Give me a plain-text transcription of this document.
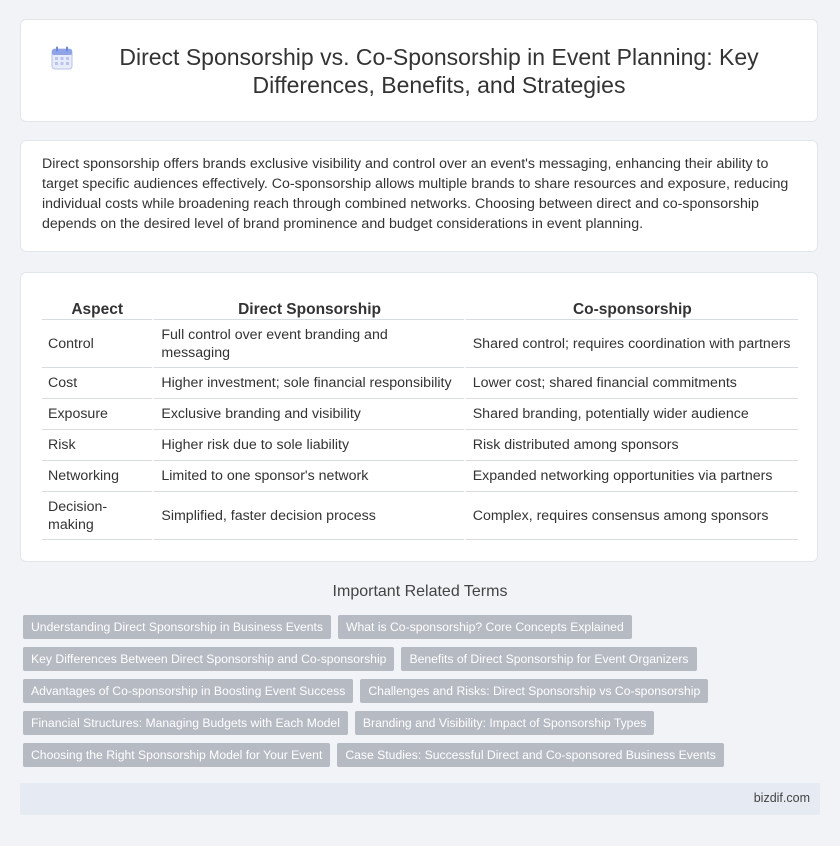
Direct Sponsorship vs. Co-Sponsorship in Event Planning: Key Differences, Benefits, and Strategies

Direct sponsorship offers brands exclusive visibility and control over an event's messaging, enhancing their ability to target specific audiences effectively. Co-sponsorship allows multiple brands to share resources and exposure, reducing individual costs while broadening reach through combined networks. Choosing between direct and co-sponsorship depends on the desired level of brand prominence and budget considerations in event planning.

Aspect	Direct Sponsorship	Co-sponsorship
Control	Full control over event branding and messaging	Shared control; requires coordination with partners
Cost	Higher investment; sole financial responsibility	Lower cost; shared financial commitments
Exposure	Exclusive branding and visibility	Shared branding, potentially wider audience
Risk	Higher risk due to sole liability	Risk distributed among sponsors
Networking	Limited to one sponsor's network	Expanded networking opportunities via partners
Decision-making	Simplified, faster decision process	Complex, requires consensus among sponsors
Important Related Terms
Understanding Direct Sponsorship in Business Events	What is Co-sponsorship? Core Concepts Explained
Key Differences Between Direct Sponsorship and Co-sponsorship	Benefits of Direct Sponsorship for Event Organizers
Advantages of Co-sponsorship in Boosting Event Success	Challenges and Risks: Direct Sponsorship vs Co-sponsorship
Financial Structures: Managing Budgets with Each Model	Branding and Visibility: Impact of Sponsorship Types
Choosing the Right Sponsorship Model for Your Event	Case Studies: Successful Direct and Co-sponsored Business Events
bizdif.com
